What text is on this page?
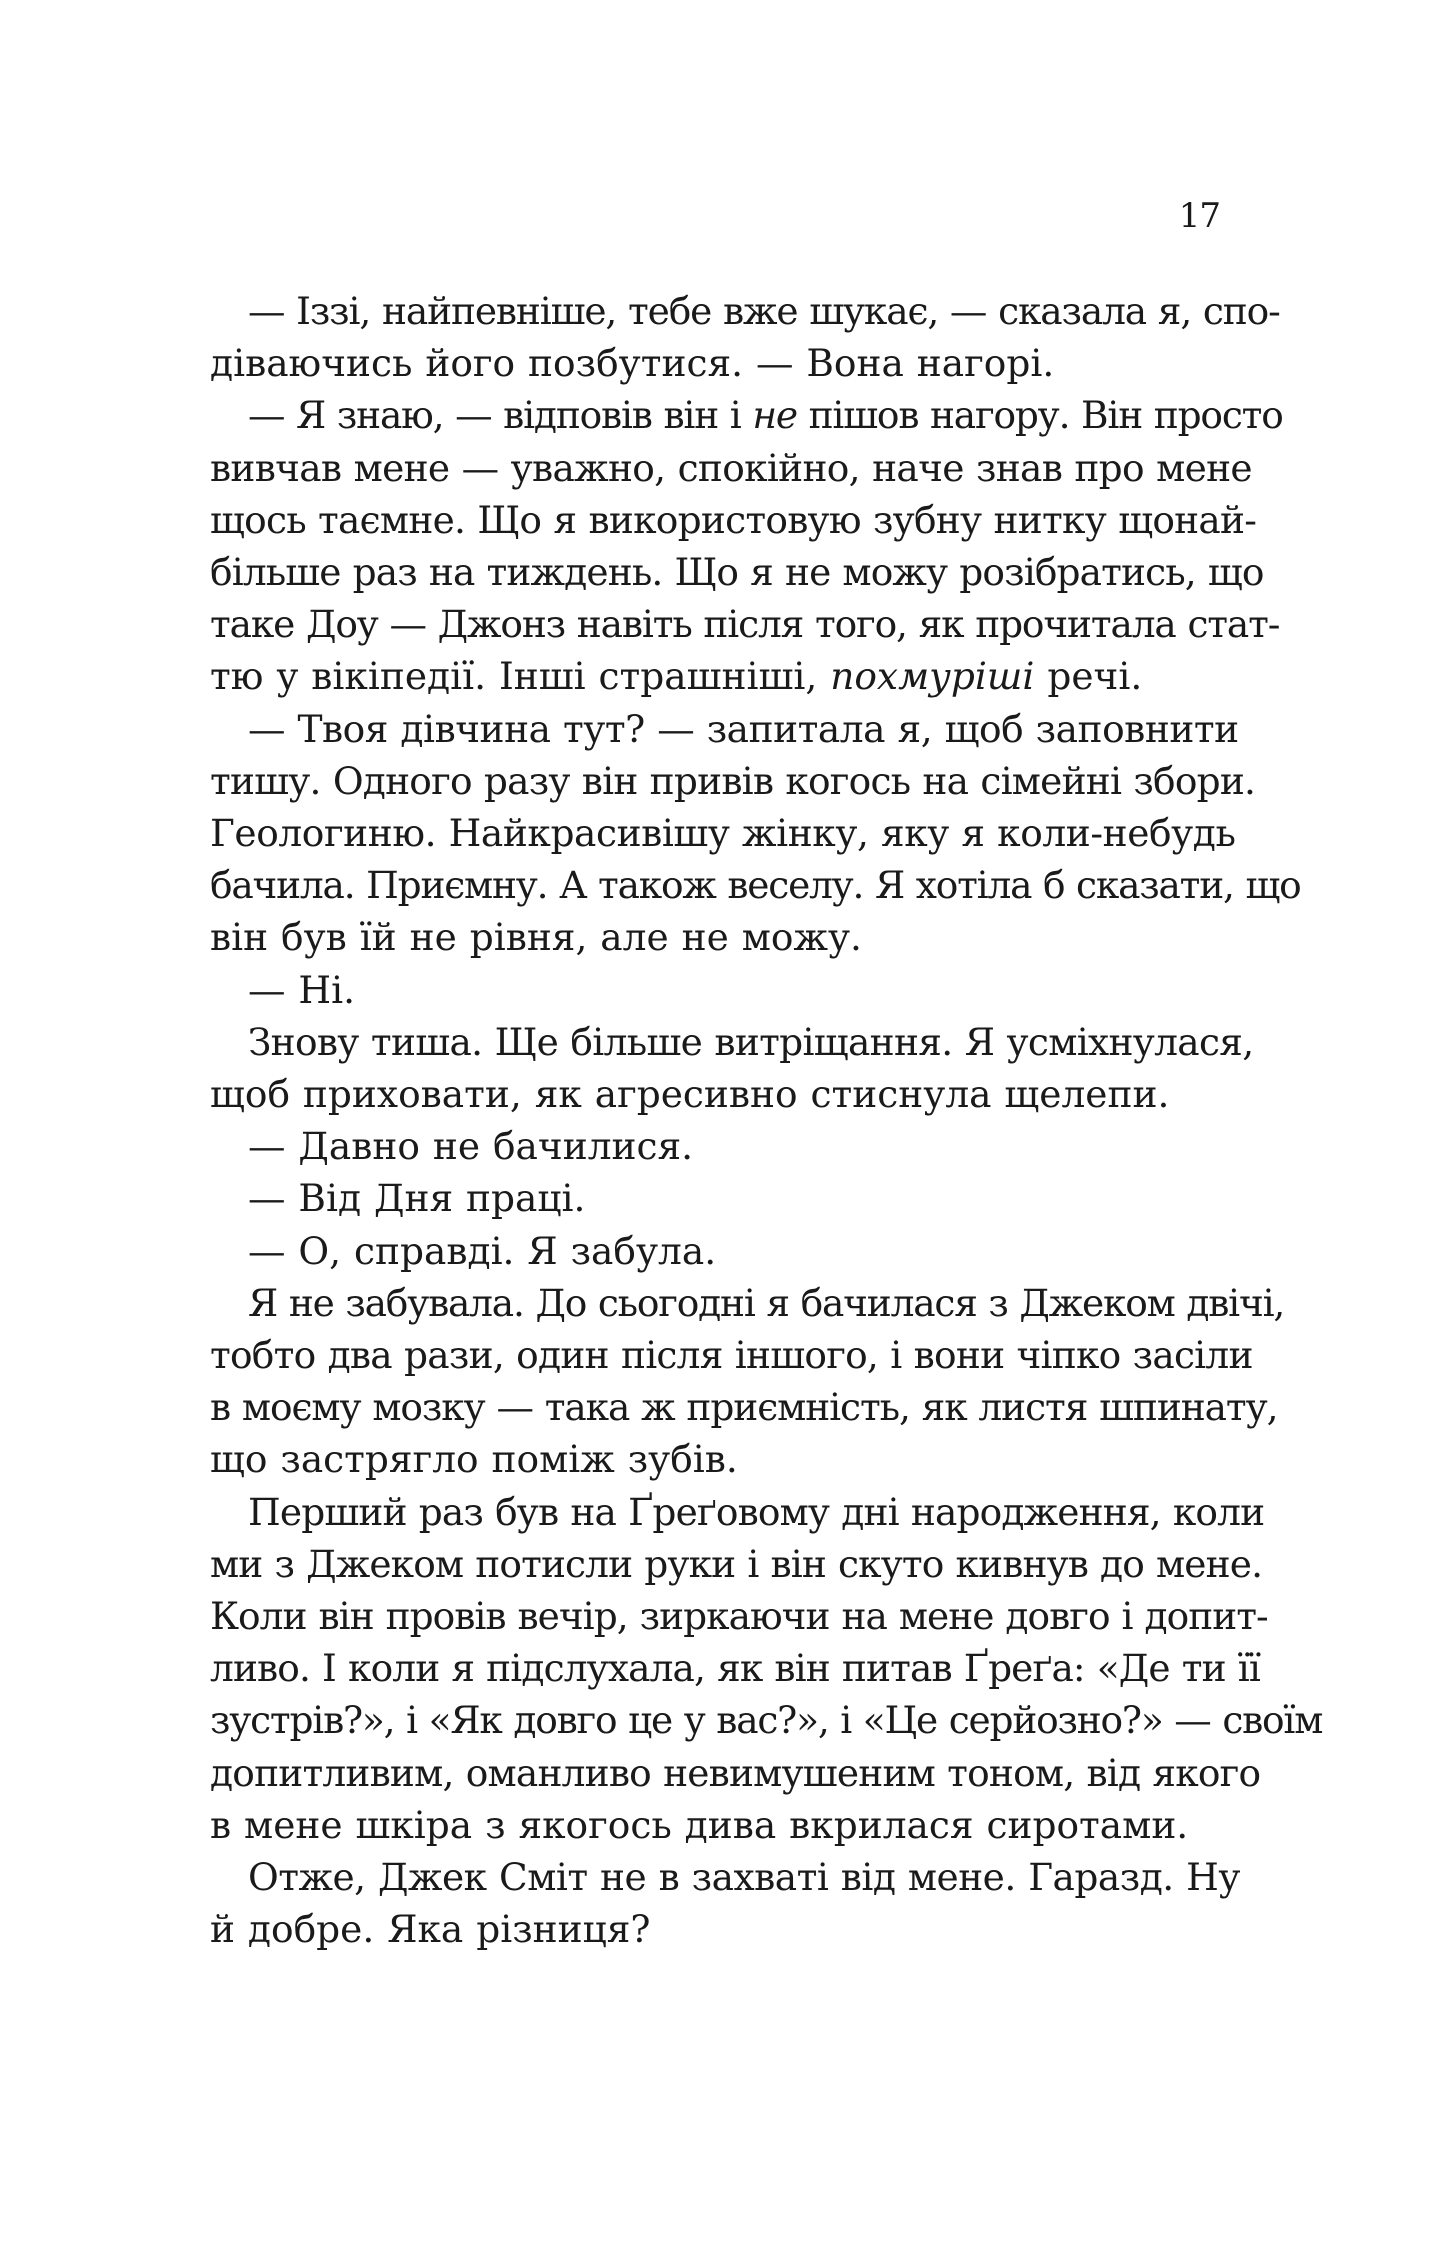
17
— Іззі, найпевніше, тебе вже шукає, — сказала я, спо-
діваючись його позбутися. — Вона нагорі.
— Я знаю, — відповів він і не пішов нагору. Він просто
вивчав мене — уважно, спокійно, наче знав про мене
щось таємне. Що я використовую зубну нитку щонай-
більше раз на тиждень. Що я не можу розібратись, що
таке Доу — Джонз навіть після того, як прочитала стат-
тю у вікіпедії. Інші страшніші, похмуріші речі.
— Твоя дівчина тут? — запитала я, щоб заповнити
тишу. Одного разу він привів когось на сімейні збори.
Геологиню. Найкрасивішу жінку, яку я коли-небудь
бачила. Приємну. А також веселу. Я хотіла б сказати, що
він був їй не рівня, але не можу.
— Ні.
Знову тиша. Ще більше витріщання. Я усміхнулася,
щоб приховати, як агресивно стиснула щелепи.
— Давно не бачилися.
— Від Дня праці.
— О, справді. Я забула.
Я не забувала. До сьогодні я бачилася з Джеком двічі,
тобто два рази, один після іншого, і вони чіпко засіли
в моєму мозку — така ж приємність, як листя шпинату,
що застрягло поміж зубів.
Перший раз був на Ґреґовому дні народження, коли
ми з Джеком потисли руки і він скуто кивнув до мене.
Коли він провів вечір, зиркаючи на мене довго і допит-
ливо. І коли я підслухала, як він питав Ґреґа: «Де ти її
зустрів?», і «Як довго це у вас?», і «Це серйозно?» — своїм
допитливим, оманливо невимушеним тоном, від якого
в мене шкіра з якогось дива вкрилася сиротами.
Отже, Джек Сміт не в захваті від мене. Гаразд. Ну
й добре. Яка різниця?
